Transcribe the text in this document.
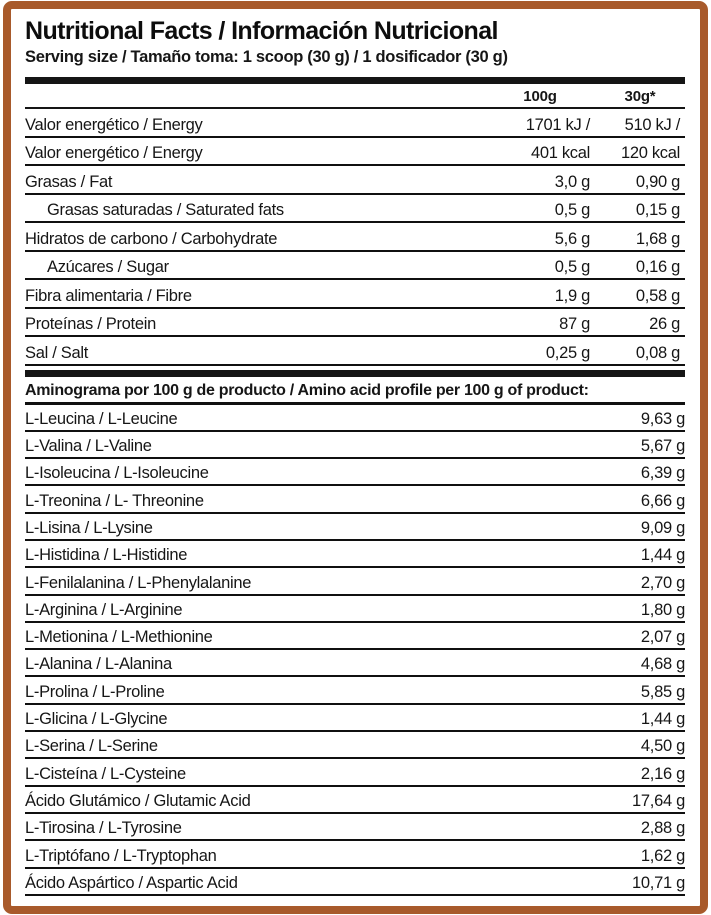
Nutritional Facts / Información Nutricional
Serving size / Tamaño toma: 1 scoop (30 g) / 1 dosificador (30 g)
100g	30g*
Valor energético / Energy	1701 kJ /	510 kJ /
Valor energético / Energy	401 kcal	120 kcal
Grasas / Fat	3,0 g	0,90 g
Grasas saturadas / Saturated fats	0,5 g	0,15 g
Hidratos de carbono / Carbohydrate	5,6 g	1,68 g
Azúcares / Sugar	0,5 g	0,16 g
Fibra alimentaria / Fibre	1,9 g	0,58 g
Proteínas / Protein	87 g	26 g
Sal / Salt	0,25 g	0,08 g
Aminograma por 100 g de producto / Amino acid profile per 100 g of product:
L-Leucina / L-Leucine	9,63 g
L-Valina / L-Valine	5,67 g
L-Isoleucina / L-Isoleucine	6,39 g
L-Treonina / L- Threonine	6,66 g
L-Lisina / L-Lysine	9,09 g
L-Histidina / L-Histidine	1,44 g
L-Fenilalanina / L-Phenylalanine	2,70 g
L-Arginina / L-Arginine	1,80 g
L-Metionina / L-Methionine	2,07 g
L-Alanina / L-Alanina	4,68 g
L-Prolina / L-Proline	5,85 g
L-Glicina / L-Glycine	1,44 g
L-Serina / L-Serine	4,50 g
L-Cisteína / L-Cysteine	2,16 g
Ácido Glutámico / Glutamic Acid	17,64 g
L-Tirosina / L-Tyrosine	2,88 g
L-Triptófano / L-Tryptophan	1,62 g
Ácido Aspártico / Aspartic Acid	10,71 g
